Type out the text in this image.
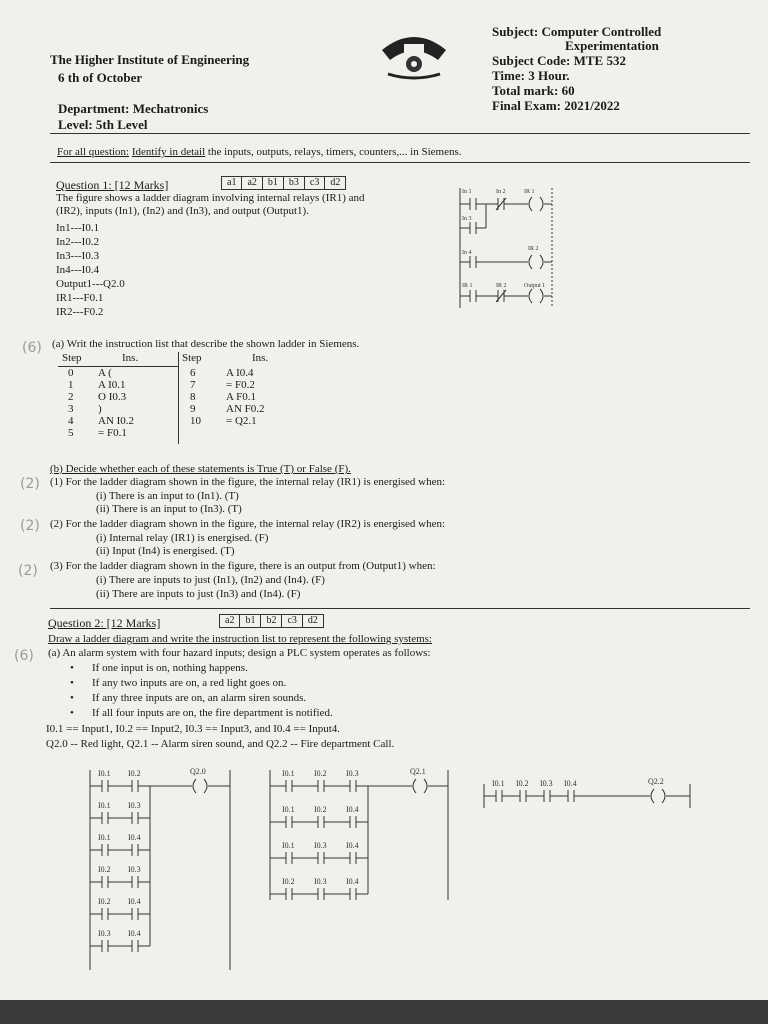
The Higher Institute of Engineering
6 th of October
Department: Mechatronics
Level: 5th Level
Subject: Computer Controlled
Experimentation
Subject Code: MTE 532
Time: 3 Hour.
Total mark: 60
Final Exam: 2021/2022
For all question: Identify in detail the inputs, outputs, relays, timers, counters,... in Siemens.
Question 1: [12 Marks]	a1	a2	b1	b3	c3	d2
The figure shows a ladder diagram involving internal relays (IR1) and
(IR2), inputs (In1), (In2) and (In3), and output (Output1).
In1---I0.1
In2---I0.2
In3---I0.3
In4---I0.4
Output1---Q2.0
IR1---F0.1
IR2---F0.2
In 1	In 2	IR 1
In 3
In 4
IR 2
IR 1	IR 2	Output 1
(6) (a) Writ the instruction list that describe the shown ladder in Siemens.
Step	Ins.	Step	Ins.
0 A (
1 A I0.1
2 O I0.3
3 )
4 AN I0.2
5 = F0.1
6	A I0.4
7	= F0.2
8	A F0.1
9	AN F0.2
10 = Q2.1
(b) Decide whether each of these statements is True (T) or False (F).
(2) (1) For the ladder diagram shown in the figure, the internal relay (IR1) is energised when:
(i) There is an input to (In1). (T)
(ii) There is an input to (In3). (T)
(2) (2) For the ladder diagram shown in the figure, the internal relay (IR2) is energised when:
(i) Internal relay (IR1) is energised. (F)
(ii) Input (In4) is energised. (T)
(2) (3) For the ladder diagram shown in the figure, there is an output from (Output1) when:
(i) There are inputs to just (In1), (In2) and (In4). (F)
(ii) There are inputs to just (In3) and (In4). (F)
Question 2: [12 Marks]	a2	b1	b2	c3	d2
Draw a ladder diagram and write the instruction list to represent the following systems:
(6) (a) An alarm system with four hazard inputs; design a PLC system operates as follows:
• If one input is on, nothing happens.
• If any two inputs are on, a red light goes on.
• If any three inputs are on, an alarm siren sounds.
• If all four inputs are on, the fire department is notified.
I0.1 == Input1, I0.2 == Input2, I0.3 == Input3, and I0.4 == Input4.
Q2.0 -- Red light, Q2.1 -- Alarm siren sound, and Q2.2 -- Fire department Call.
I0.1 I0.2	Q2.0
I0.1 I0.3
I0.1 I0.4
I0.2 I0.3
I0.2 I0.4
I0.3 I0.4
I0.1 I0.2 I0.3	Q2.1
I0.1 I0.2 I0.4
I0.1 I0.3 I0.4
I0.2 I0.3 I0.4
I0.1 I0.2 I0.3 I0.4	Q2.2
